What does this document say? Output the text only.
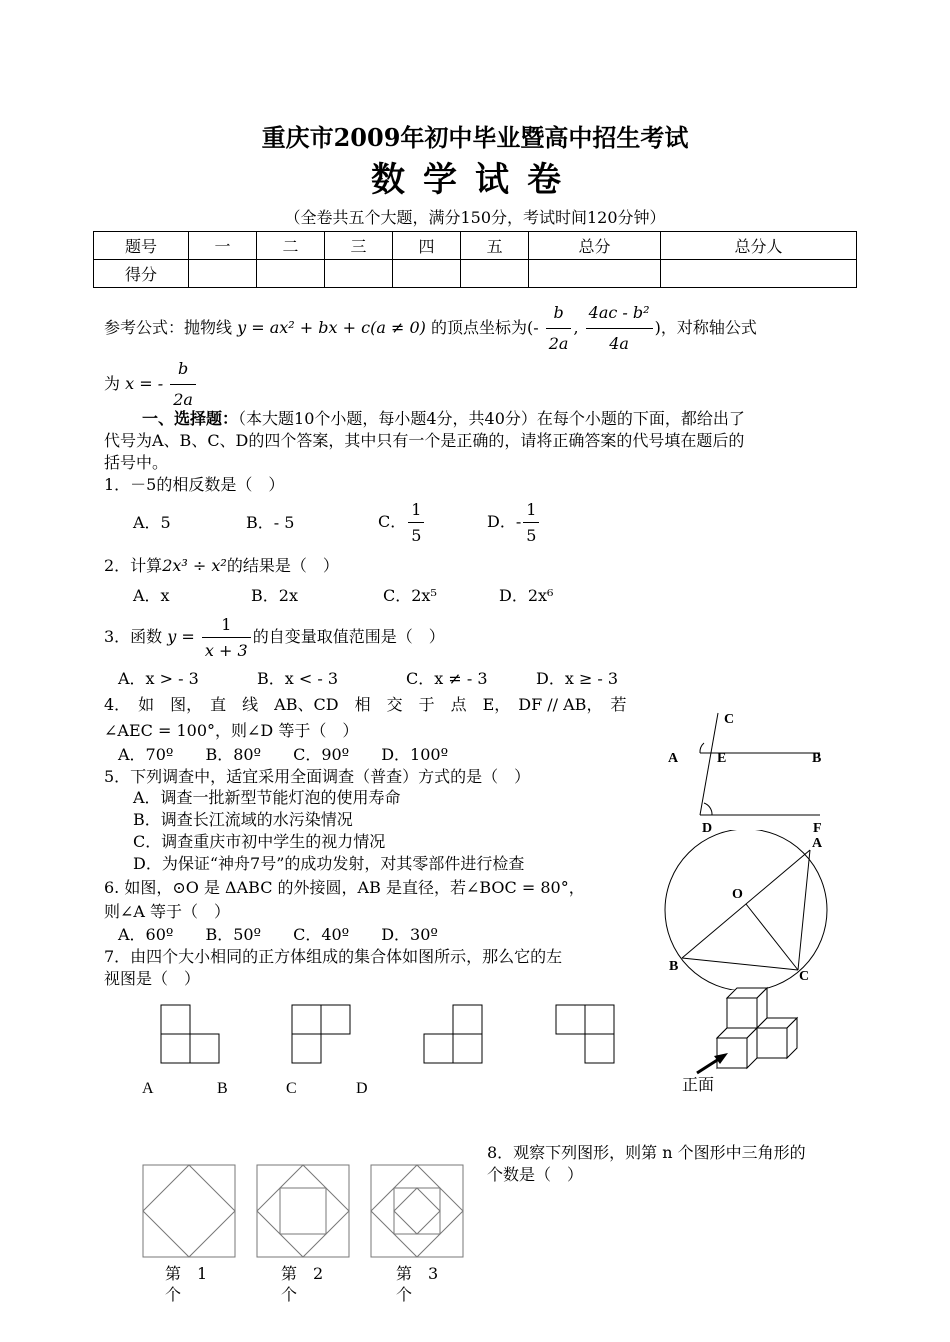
重庆市2009年初中毕业暨高中招生考试
数学试卷
（全卷共五个大题，满分150分，考试时间120分钟）
题号	一	二	三	四	五	总分	总分人
得分							
参考公式：抛物线 y = ax² + bx + c(a ≠ 0) 的顶点坐标为(- $\frac{b}{2a}$ , $\frac{\text{4ac - b²}}{4a}$ )，对称轴公式
为 x = - $\frac{b}{2a}$
一、选择题：（本大题10个小题，每小题4分，共40分）在每个小题的下面，都给出了
代号为A、B、C、D的四个答案，其中只有一个是正确的，请将正确答案的代号填在题后的
括号中。
1．－5的相反数是（　）
A．5	B．- 5	C． $\frac{1}{5}$	D．- $\frac{1}{5}$
2．计算2x³ ÷ x²的结果是（　）
A．x	B．2x	C．2x⁵	D．2x⁶
3．函数 $y = \frac{1}{x + 3}$ 的自变量取值范围是（　）
A．x > - 3	B．x < - 3	C．x ≠ - 3	D．x ≥ - 3
4．　如　图，　直　线　AB、CD　相　交　于　点　E，　DF // AB，　若
∠AEC = 100°，则∠D 等于（　）
A．70º　　B．80º　　C．90º　　D．100º
5．下列调查中，适宜采用全面调查（普查）方式的是（　）
A．调查一批新型节能灯泡的使用寿命
B．调查长江流域的水污染情况
C．调查重庆市初中学生的视力情况
D．为保证“神舟7号”的成功发射，对其零部件进行检查
6. 如图，⊙O 是 ΔABC 的外接圆，AB 是直径，若∠BOC = 80°，
则∠A 等于（　）
A．60º　　B．50º　　C．40º　　D．30º
7．由四个大小相同的正方体组成的集合体如图所示，那么它的左
视图是（　）
C
A	E	B
D	F
A
O
B
C
A	B	C	D	正面
8．观察下列图形，则第 n 个图形中三角形的
个数是（　）
第　1
个
第　2
个
第　3
个
